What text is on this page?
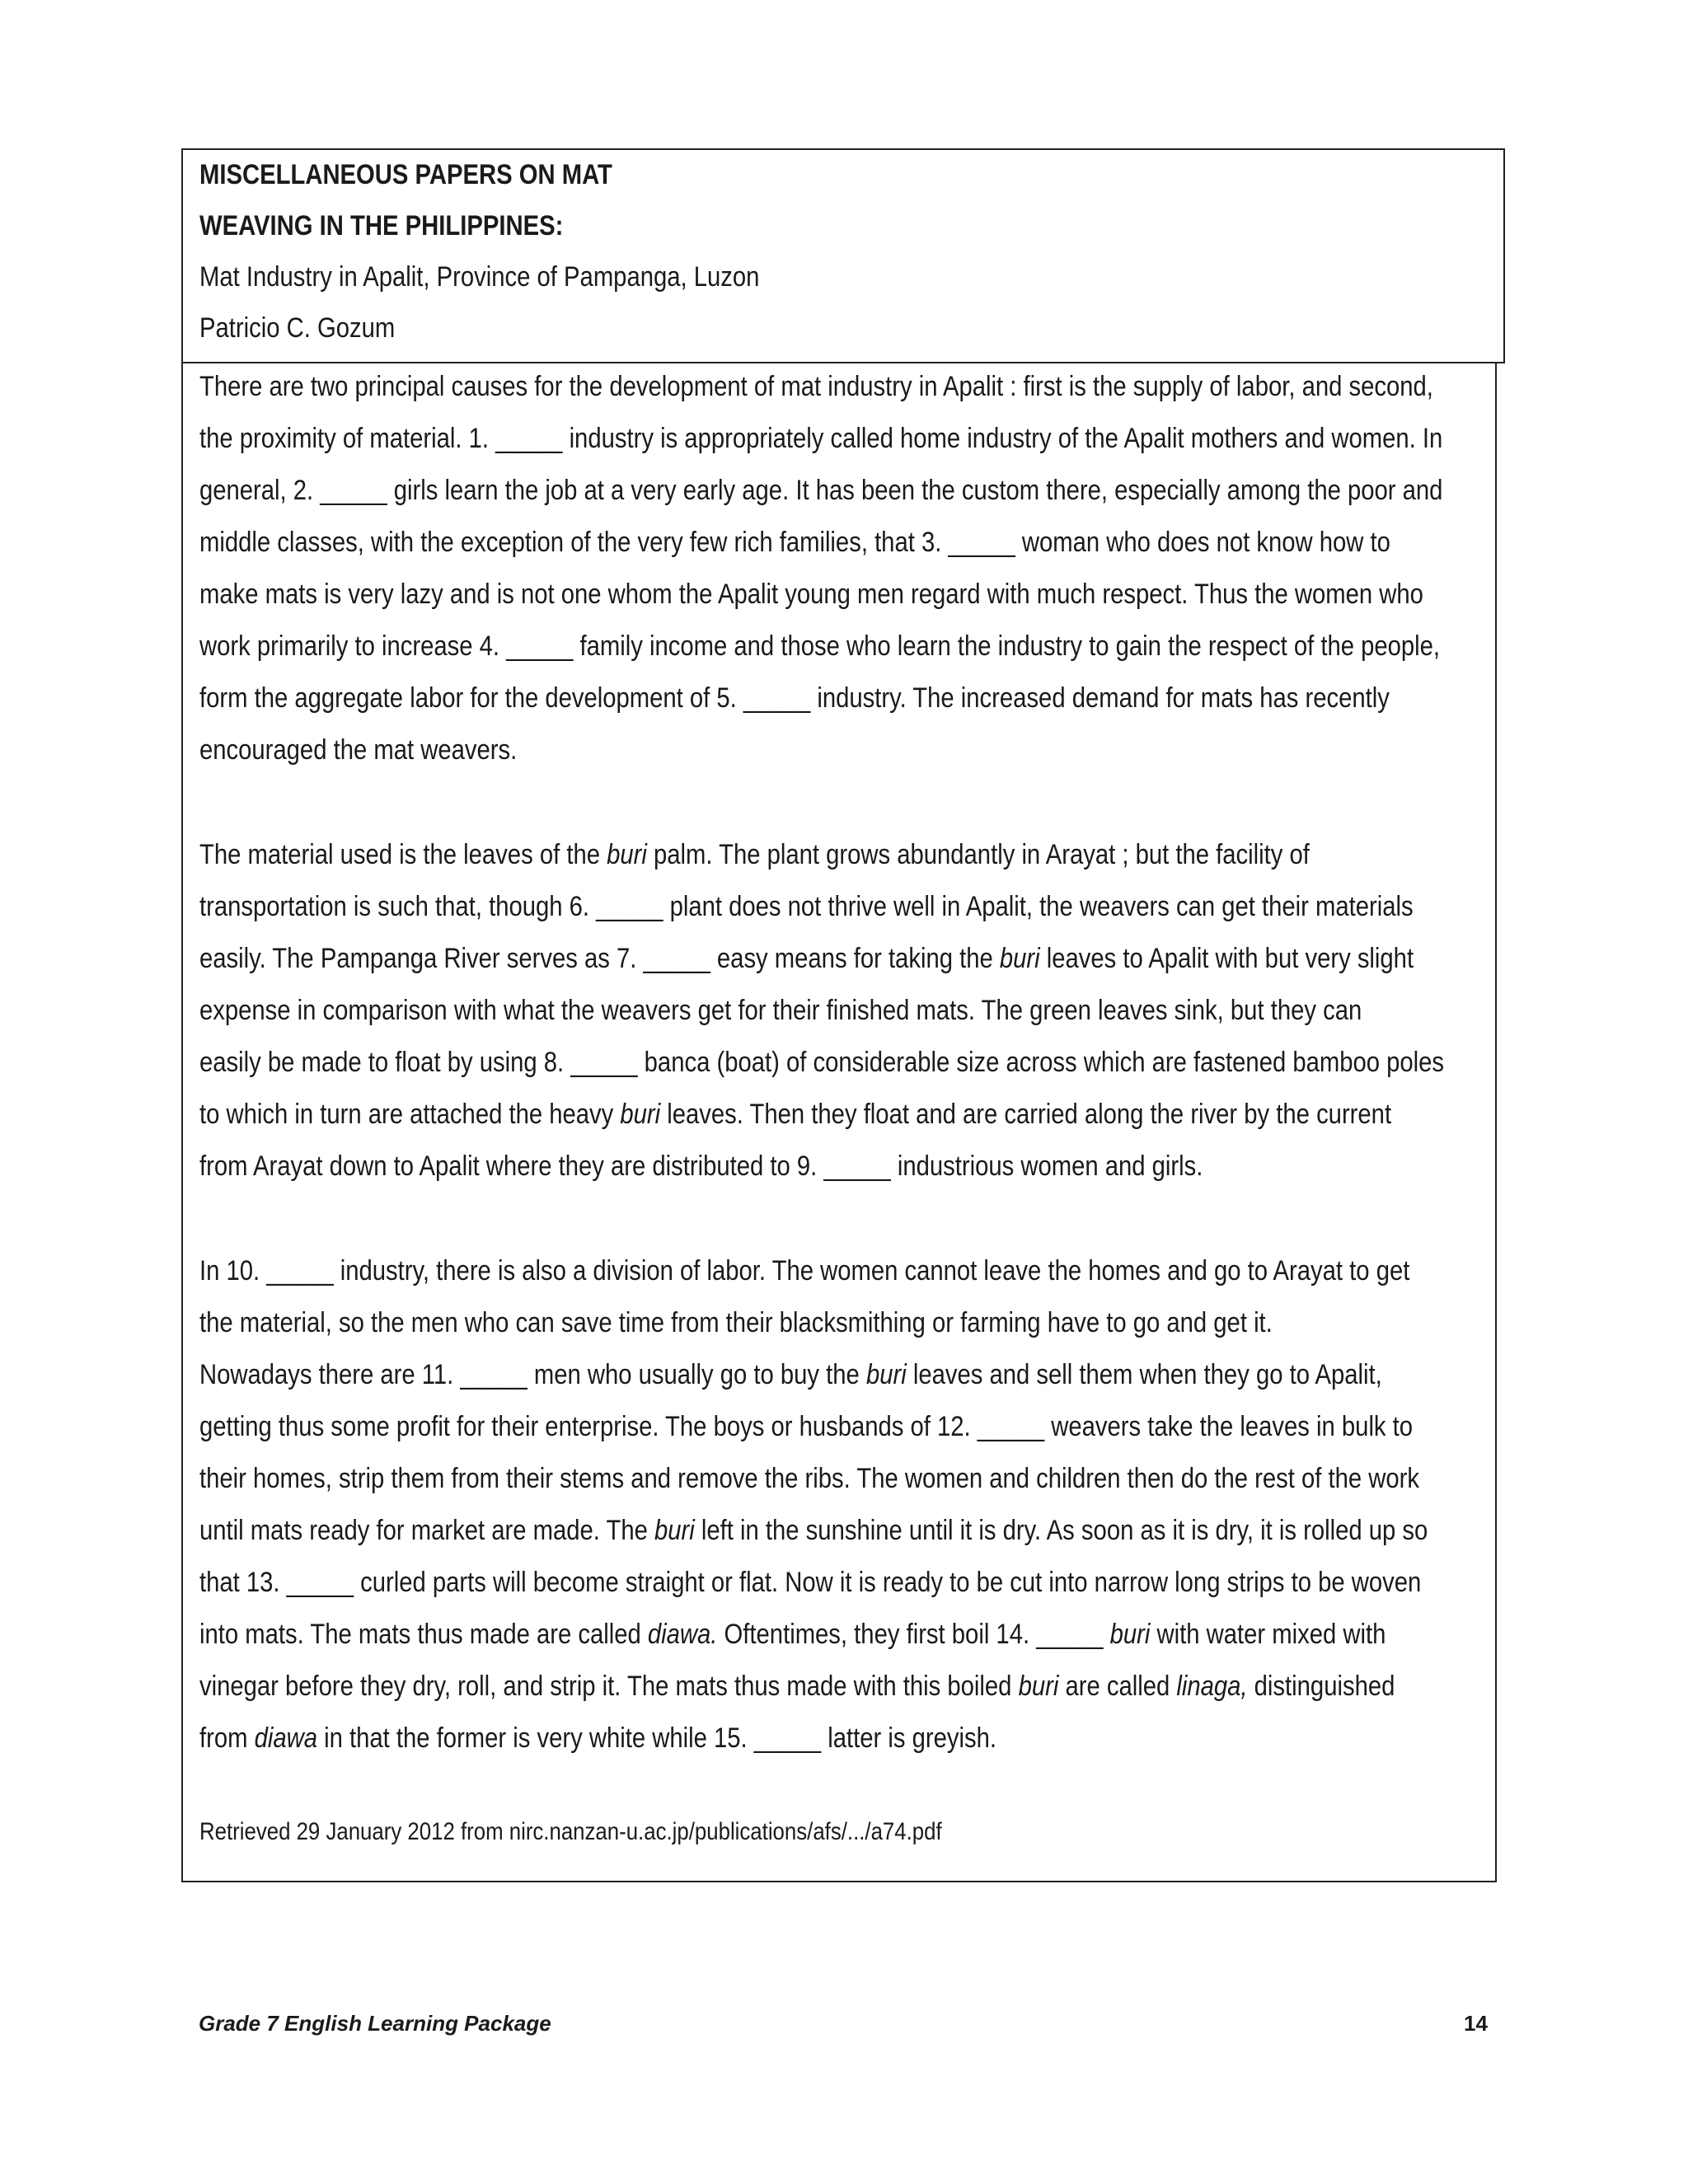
MISCELLANEOUS PAPERS ON MAT
WEAVING IN THE PHILIPPINES:
Mat Industry in Apalit, Province of Pampanga, Luzon
Patricio C. Gozum
Retrieved 29 January 2012 from nirc.nanzan-u.ac.jp/publications/afs/.../a74.pdf
There are two principal causes for the development of mat industry in Apalit : first is the supply of labor, and second,
the proximity of material. 1. _____ industry is appropriately called home industry of the Apalit mothers and women. In
general, 2. _____ girls learn the job at a very early age. It has been the custom there, especially among the poor and
middle classes, with the exception of the very few rich families, that 3. _____ woman who does not know how to
make mats is very lazy and is not one whom the Apalit young men regard with much respect. Thus the women who
work primarily to increase 4. _____ family income and those who learn the industry to gain the respect of the people,
form the aggregate labor for the development of 5. _____ industry. The increased demand for mats has recently
encouraged the mat weavers.
The material used is the leaves of the buri palm. The plant grows abundantly in Arayat ; but the facility of
transportation is such that, though 6. _____ plant does not thrive well in Apalit, the weavers can get their materials
easily. The Pampanga River serves as 7. _____ easy means for taking the buri leaves to Apalit with but very slight
expense in comparison with what the weavers get for their finished mats. The green leaves sink, but they can
easily be made to float by using 8. _____ banca (boat) of considerable size across which are fastened bamboo poles
to which in turn are attached the heavy buri leaves. Then they float and are carried along the river by the current
from Arayat down to Apalit where they are distributed to 9. _____ industrious women and girls.
In 10. _____ industry, there is also a division of labor. The women cannot leave the homes and go to Arayat to get
the material, so the men who can save time from their blacksmithing or farming have to go and get it.
Nowadays there are 11. _____ men who usually go to buy the buri leaves and sell them when they go to Apalit,
getting thus some profit for their enterprise. The boys or husbands of 12. _____ weavers take the leaves in bulk to
their homes, strip them from their stems and remove the ribs. The women and children then do the rest of the work
until mats ready for market are made. The buri left in the sunshine until it is dry. As soon as it is dry, it is rolled up so
that 13. _____ curled parts will become straight or flat. Now it is ready to be cut into narrow long strips to be woven
into mats. The mats thus made are called diawa. Oftentimes, they first boil 14. _____ buri with water mixed with
vinegar before they dry, roll, and strip it. The mats thus made with this boiled buri are called linaga, distinguished
from diawa in that the former is very white while 15. _____ latter is greyish.
Grade 7 English Learning Package	14
